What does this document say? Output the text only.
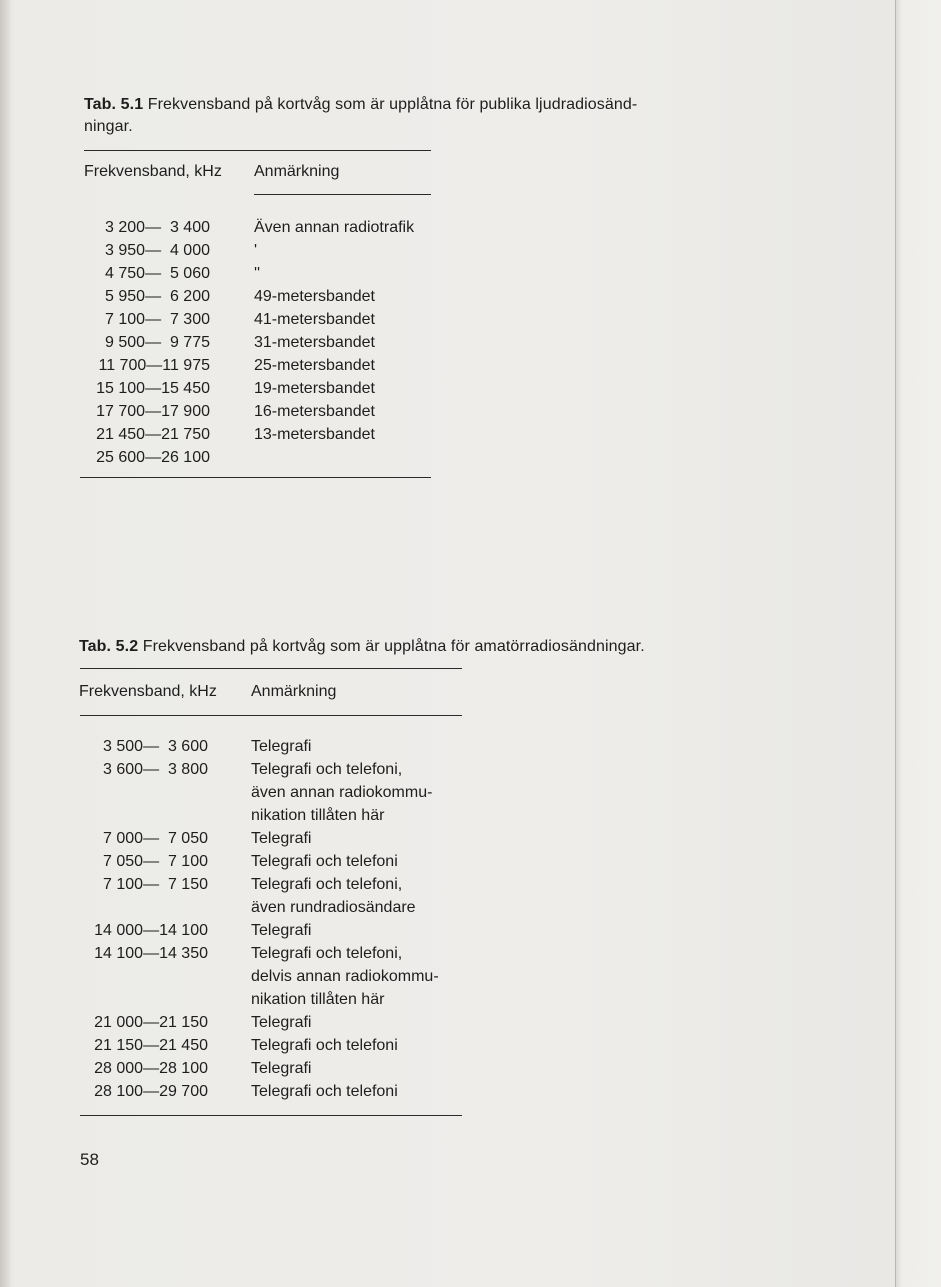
Tab. 5.1 Frekvensband på kortvåg som är upplåtna för publika ljudradiosänd-
ningar.
Frekvensband, kHz Anmärkning
3 200—  3 400
3 950—  4 000
4 750—  5 060
5 950—  6 200
7 100—  7 300
9 500—  9 775
11 700—11 975
15 100—15 450
17 700—17 900
21 450—21 750
25 600—26 100
Även annan radiotrafik
'
''
49-metersbandet
41-metersbandet
31-metersbandet
25-metersbandet
19-metersbandet
16-metersbandet
13-metersbandet

Tab. 5.2 Frekvensband på kortvåg som är upplåtna för amatörradiosändningar.
Frekvensband, kHz Anmärkning
3 500—  3 600
3 600—  3 800

7 000—  7 050
7 050—  7 100
7 100—  7 150

14 000—14 100
14 100—14 350

21 000—21 150
21 150—21 450
28 000—28 100
28 100—29 700
Telegrafi
Telegrafi och telefoni,
även annan radiokommu-
nikation tillåten här
Telegrafi
Telegrafi och telefoni
Telegrafi och telefoni,
även rundradiosändare
Telegrafi
Telegrafi och telefoni,
delvis annan radiokommu-
nikation tillåten här
Telegrafi
Telegrafi och telefoni
Telegrafi
Telegrafi och telefoni
58
